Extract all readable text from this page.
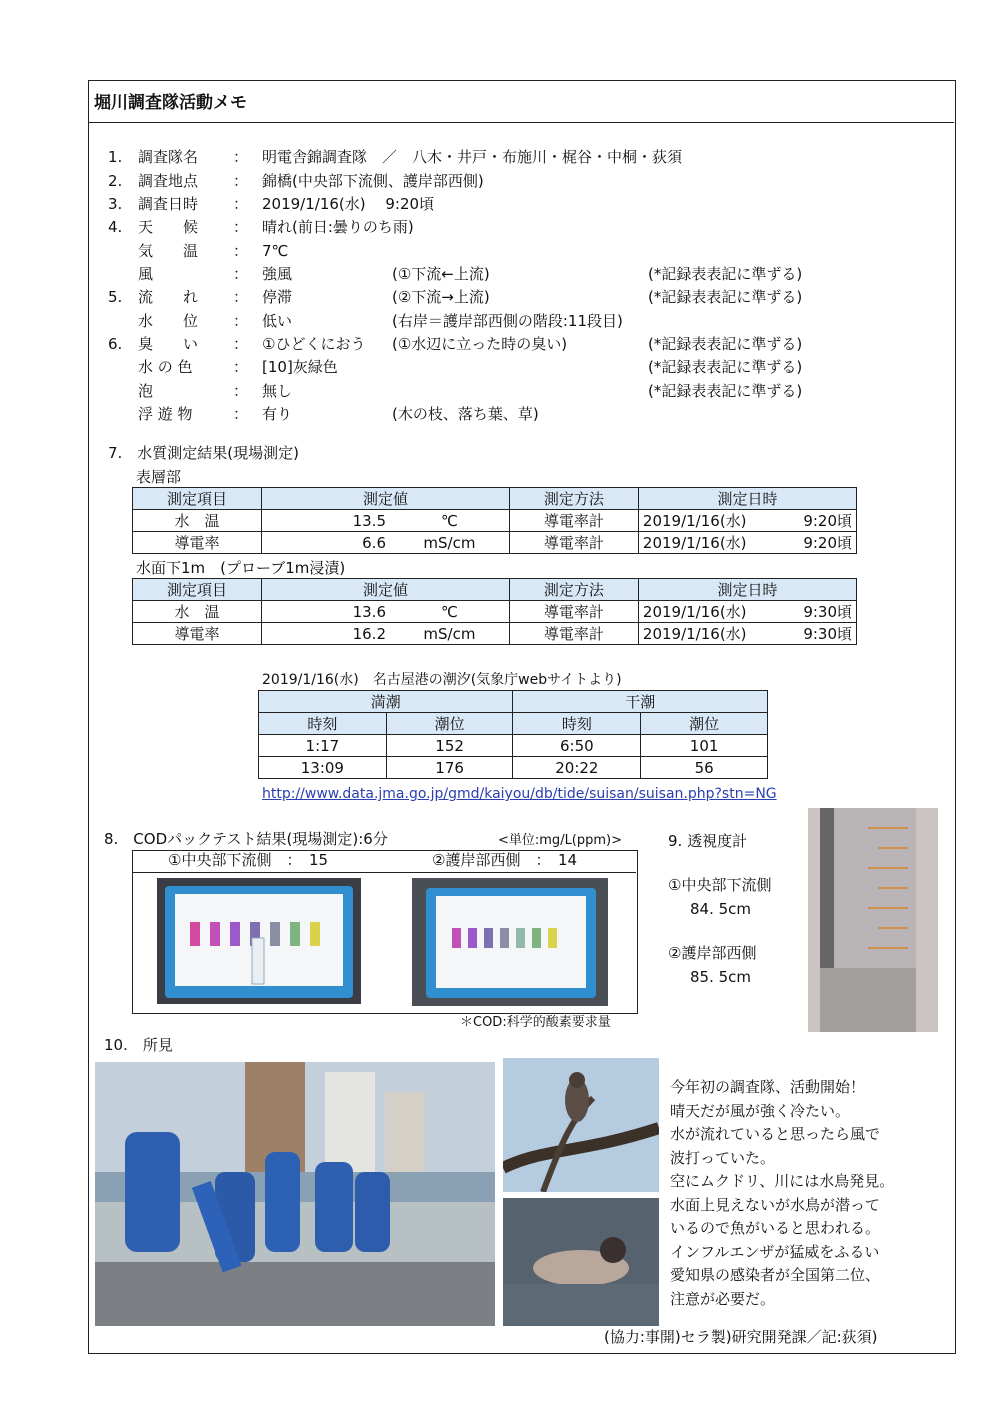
堀川調査隊活動メモ
1. 調査隊名 ： 明電舎錦調査隊　／　八木・井戸・布施川・梶谷・中桐・荻須
2. 調査地点 ： 錦橋(中央部下流側、護岸部西側)
3. 調査日時 ： 2019/1/16(水)　 9:20頃
4. 天　　候 ： 晴れ(前日:曇りのち雨)
気　　温 ： 7℃
風	： 強風	(①下流←上流)	(*記録表表記に準ずる)
5. 流　　れ ： 停滞	(②下流→上流)	(*記録表表記に準ずる)
水　　位 ： 低い	(右岸＝護岸部西側の階段:11段目)
6. 臭　　い ： ①ひどくにおう (①水辺に立った時の臭い)	(*記録表表記に準ずる)
水 の 色	： [10]灰緑色	(*記録表表記に準ずる)
泡	： 無し	(*記録表表記に準ずる)
浮 遊 物	： 有り	(木の枝、落ち葉、草)
7.　水質測定結果(現場測定)
表層部
測定項目	測定値		測定方法	測定日時	
水　温	13.5	℃	導電率計	2019/1/16(水)	9:20頃
導電率	6.6	mS/cm	導電率計	2019/1/16(水)	9:20頃
水面下1m　(プローブ1m浸漬)
測定項目	測定値		測定方法	測定日時	
水　温	13.6	℃	導電率計	2019/1/16(水)	9:30頃
導電率	16.2	mS/cm	導電率計	2019/1/16(水)	9:30頃
2019/1/16(水)　名古屋港の潮汐(気象庁webサイトより)
満潮		干潮	
時刻	潮位	時刻	潮位
1:17	152	6:50	101
13:09	176	20:22	56
http://www.data.jma.go.jp/gmd/kaiyou/db/tide/suisan/suisan.php?stn=NG
8.　CODパックテスト結果(現場測定):6分	<単位:mg/L(ppm)>
①中央部下流側　：　15	②護岸部西側　：　14
＊COD:科学的酸素要求量
9. 透視度計
①中央部下流側
84. 5cm
②護岸部西側
85. 5cm
10.　所見
今年初の調査隊、活動開始！
晴天だが風が強く冷たい。
水が流れていると思ったら風で
波打っていた。
空にムクドリ、川には水鳥発見。
水面上見えないが水鳥が潜って
いるので魚がいると思われる。
インフルエンザが猛威をふるい
愛知県の感染者が全国第二位、
注意が必要だ。
(協力:事開)セラ製)研究開発課／記:荻須)
